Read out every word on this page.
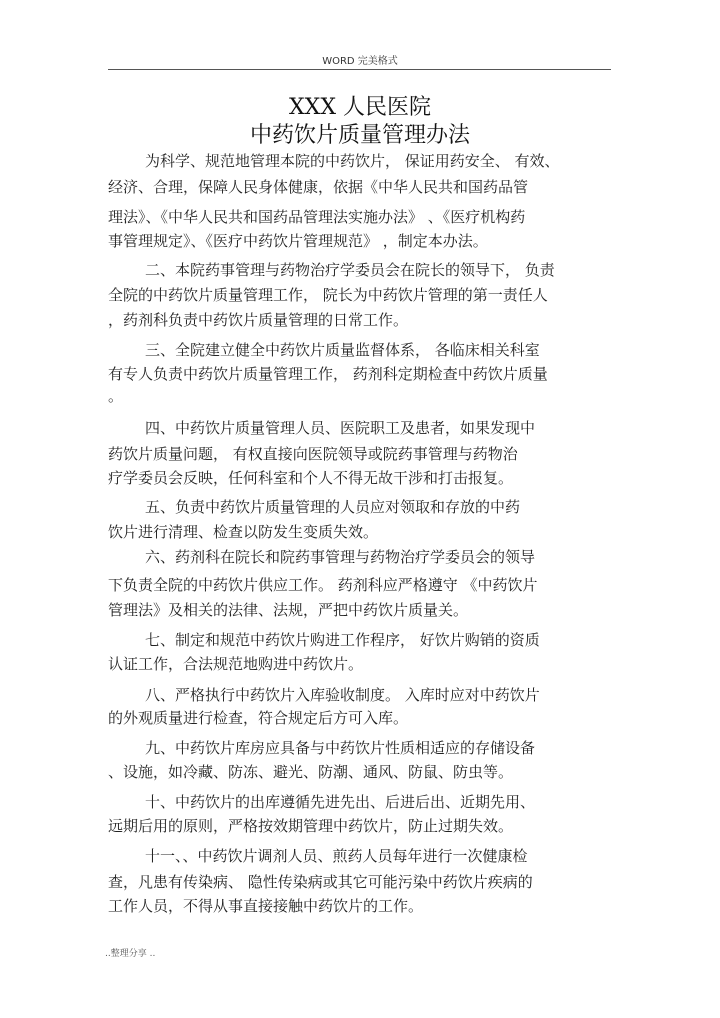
WORD 完美格式
XXX 人民医院
中药饮片质量管理办法
为科学、规范地管理本院的中药饮片， 保证用药安全、 有效、
经济、合理，保障人民身体健康，依据《中华人民共和国药品管
理法》、《中华人民共和国药品管理法实施办法》 、《医疗机构药
事管理规定》、《医疗中药饮片管理规范》 ，制定本办法。
二、本院药事管理与药物治疗学委员会在院长的领导下， 负责
全院的中药饮片质量管理工作， 院长为中药饮片管理的第一责任人
，药剂科负责中药饮片质量管理的日常工作。
三、全院建立健全中药饮片质量监督体系， 各临床相关科室
有专人负责中药饮片质量管理工作， 药剂科定期检查中药饮片质量
。
四、中药饮片质量管理人员、医院职工及患者，如果发现中
药饮片质量问题， 有权直接向医院领导或院药事管理与药物治
疗学委员会反映，任何科室和个人不得无故干涉和打击报复。
五、负责中药饮片质量管理的人员应对领取和存放的中药
饮片进行清理、检查以防发生变质失效。
六、药剂科在院长和院药事管理与药物治疗学委员会的领导
下负责全院的中药饮片供应工作。 药剂科应严格遵守 《中药饮片
管理法》及相关的法律、法规，严把中药饮片质量关。
七、制定和规范中药饮片购进工作程序， 好饮片购销的资质
认证工作，合法规范地购进中药饮片。
八、严格执行中药饮片入库验收制度。 入库时应对中药饮片
的外观质量进行检查，符合规定后方可入库。
九、中药饮片库房应具备与中药饮片性质相适应的存储设备
、设施，如冷藏、防冻、避光、防潮、通风、防鼠、防虫等。
十、中药饮片的出库遵循先进先出、后进后出、近期先用、
远期后用的原则，严格按效期管理中药饮片，防止过期失效。
十一、、中药饮片调剂人员、煎药人员每年进行一次健康检
查，凡患有传染病、 隐性传染病或其它可能污染中药饮片疾病的
工作人员，不得从事直接接触中药饮片的工作。
..整理分享 ..
